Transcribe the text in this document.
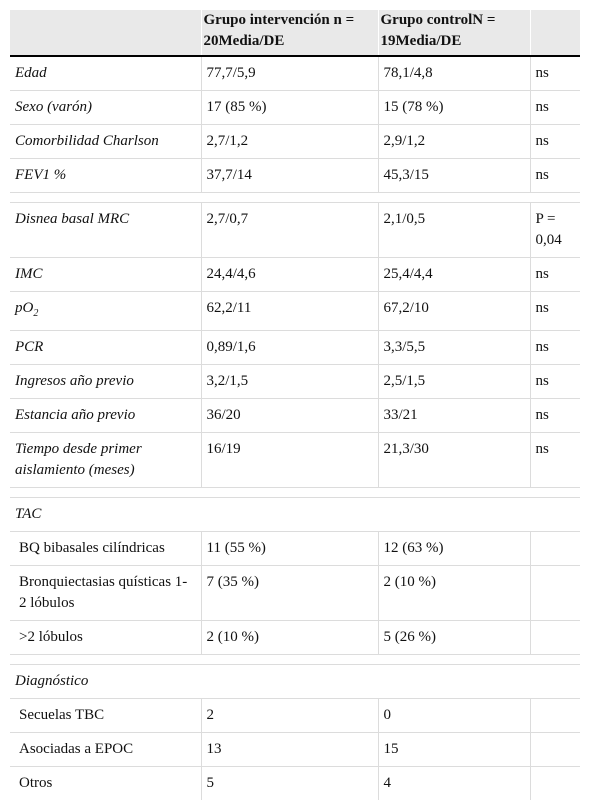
	Grupo intervención n = 20Media/DE	Grupo controlN = 19Media/DE	
Edad	77,7/5,9	78,1/4,8	ns
Sexo (varón)	17 (85 %)	15 (78 %)	ns
Comorbilidad Charlson	2,7/1,2	2,9/1,2	ns
FEV1 %	37,7/14	45,3/15	ns

Disnea basal MRC	2,7/0,7	2,1/0,5	P = 0,04
IMC	24,4/4,6	25,4/4,4	ns
$pO_2$	62,2/11	67,2/10	ns
PCR	0,89/1,6	3,3/5,5	ns
Ingresos año previo	3,2/1,5	2,5/1,5	ns
Estancia año previo	36/20	33/21	ns
Tiempo desde primer aislamiento (meses)	16/19	21,3/30	ns

TAC			
BQ bibasales cilíndricas	11 (55 %)	12 (63 %)	
Bronquiectasias quísticas 1-2 lóbulos	7 (35 %)	2 (10 %)	
>2 lóbulos	2 (10 %)	5 (26 %)	

Diagnóstico			
Secuelas TBC	2	0	
Asociadas a EPOC	13	15	
Otros	5	4	
